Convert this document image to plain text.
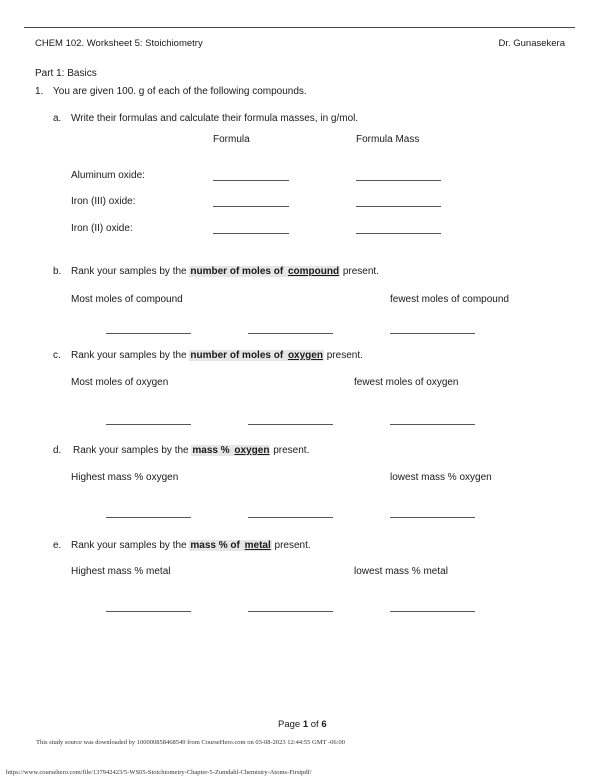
CHEM 102. Worksheet 5: Stoichiometry	Dr. Gunasekera
Part 1: Basics
1. You are given 100. g of each of the following compounds.
a. Write their formulas and calculate their formula masses, in g/mol.
Formula	Formula Mass
Aluminum oxide:
Iron (III) oxide:
Iron (II) oxide:
b. Rank your samples by the number of moles of compound present.
Most moles of compound	fewest moles of compound
c. Rank your samples by the number of moles of oxygen present.
Most moles of oxygen	fewest moles of oxygen
d. Rank your samples by the mass % oxygen present.
Highest mass % oxygen	lowest mass % oxygen
e. Rank your samples by the mass % of metal present.
Highest mass % metal	lowest mass % metal
Page 1 of 6
This study source was downloaded by 100000858468549 from CourseHero.com on 03-08-2023 12:44:55 GMT -06:00
https://www.coursehero.com/file/137942423/5-WS05-Stoichiometry-Chapter-5-Zumdahl-Chemistry-Atoms-Firstpdf/
